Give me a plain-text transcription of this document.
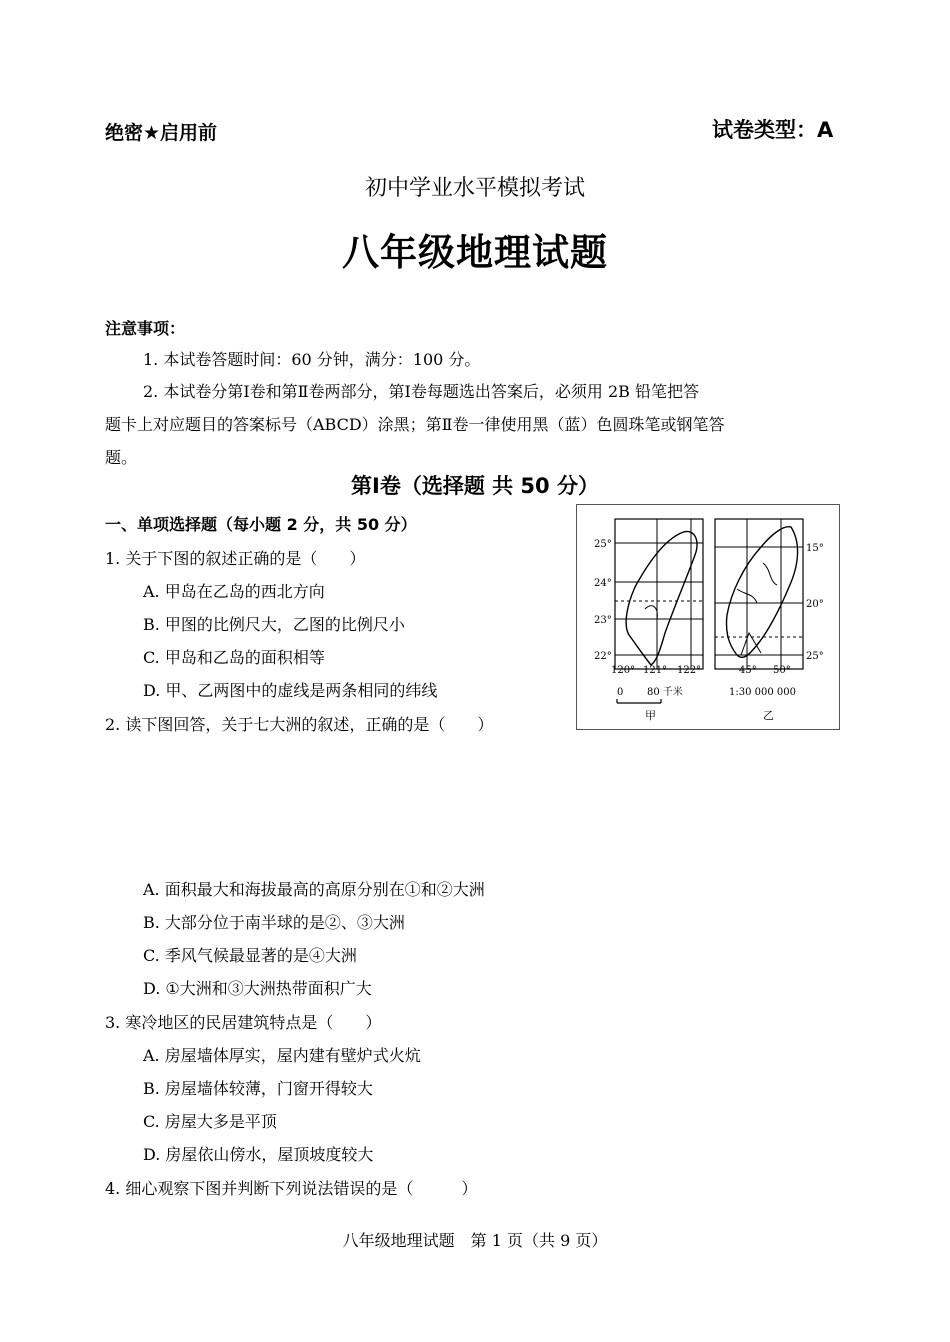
绝密★启用前	试卷类型：A
初中学业水平模拟考试
八年级地理试题
注意事项：
1. 本试卷答题时间：60 分钟，满分：100 分。
2. 本试卷分第Ⅰ卷和第Ⅱ卷两部分，第Ⅰ卷每题选出答案后，必须用 2B 铅笔把答
题卡上对应题目的答案标号（ABCD）涂黑；第Ⅱ卷一律使用黑（蓝）色圆珠笔或钢笔答
题。
第Ⅰ卷（选择题 共 50 分）
一、单项选择题（每小题 2 分，共 50 分）
1. 关于下图的叙述正确的是（　　）
A. 甲岛在乙岛的西北方向
B. 甲图的比例尺大，乙图的比例尺小
C. 甲岛和乙岛的面积相等
D. 甲、乙两图中的虚线是两条相同的纬线
2. 读下图回答，关于七大洲的叙述，正确的是（　　）
A. 面积最大和海拔最高的高原分别在①和②大洲
B. 大部分位于南半球的是②、③大洲
C. 季风气候最显著的是④大洲
D. ①大洲和③大洲热带面积广大
3. 寒冷地区的民居建筑特点是（　　）
A. 房屋墙体厚实，屋内建有壁炉式火炕
B. 房屋墙体较薄，门窗开得较大
C. 房屋大多是平顶
D. 房屋依山傍水，屋顶坡度较大
4. 细心观察下图并判断下列说法错误的是（　　　）
25°
24°
23°
22°
120° 121° 122°
0 80 千米
甲
15°
20°
25°
45° 50°
1:30 000 000
乙
八年级地理试题　第 1 页（共 9 页）
